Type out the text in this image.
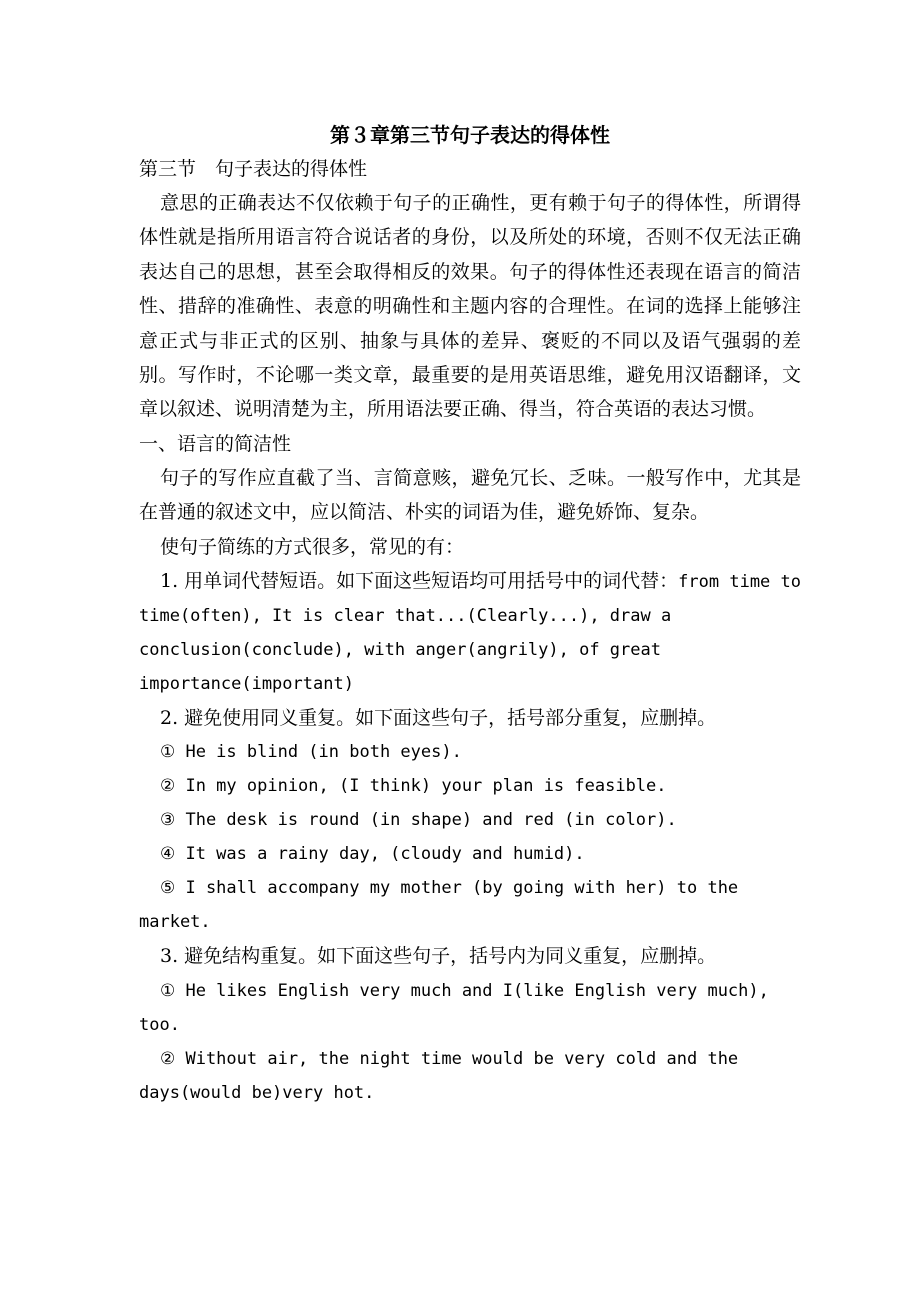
第３章第三节句子表达的得体性

第三节　句子表达的得体性

意思的正确表达不仅依赖于句子的正确性，更有赖于句子的得体性，所谓得体性就是指所用语言符合说话者的身份，以及所处的环境，否则不仅无法正确表达自己的思想，甚至会取得相反的效果。句子的得体性还表现在语言的简洁性、措辞的准确性、表意的明确性和主题内容的合理性。在词的选择上能够注意正式与非正式的区别、抽象与具体的差异、褒贬的不同以及语气强弱的差别。写作时，不论哪一类文章，最重要的是用英语思维，避免用汉语翻译，文章以叙述、说明清楚为主，所用语法要正确、得当，符合英语的表达习惯。

一、语言的简洁性

句子的写作应直截了当、言简意赅，避免冗长、乏味。一般写作中，尤其是在普通的叙述文中，应以简洁、朴实的词语为佳，避免娇饰、复杂。

使句子简练的方式很多，常见的有：

1. 用单词代替短语。如下面这些短语均可用括号中的词代替：from time to time(often), It is clear that...(Clearly...), draw a conclusion(conclude), with anger(angrily), of great importance(important)

2. 避免使用同义重复。如下面这些句子，括号部分重复，应删掉。

① He is blind (in both eyes).

② In my opinion, (I think) your plan is feasible.

③ The desk is round (in shape) and red (in color).

④ It was a rainy day, (cloudy and humid).

⑤ I shall accompany my mother (by going with her) to the market.

3. 避免结构重复。如下面这些句子，括号内为同义重复，应删掉。

① He likes English very much and I(like English very much), too.

② Without air, the night time would be very cold and the days(would be)very hot.
